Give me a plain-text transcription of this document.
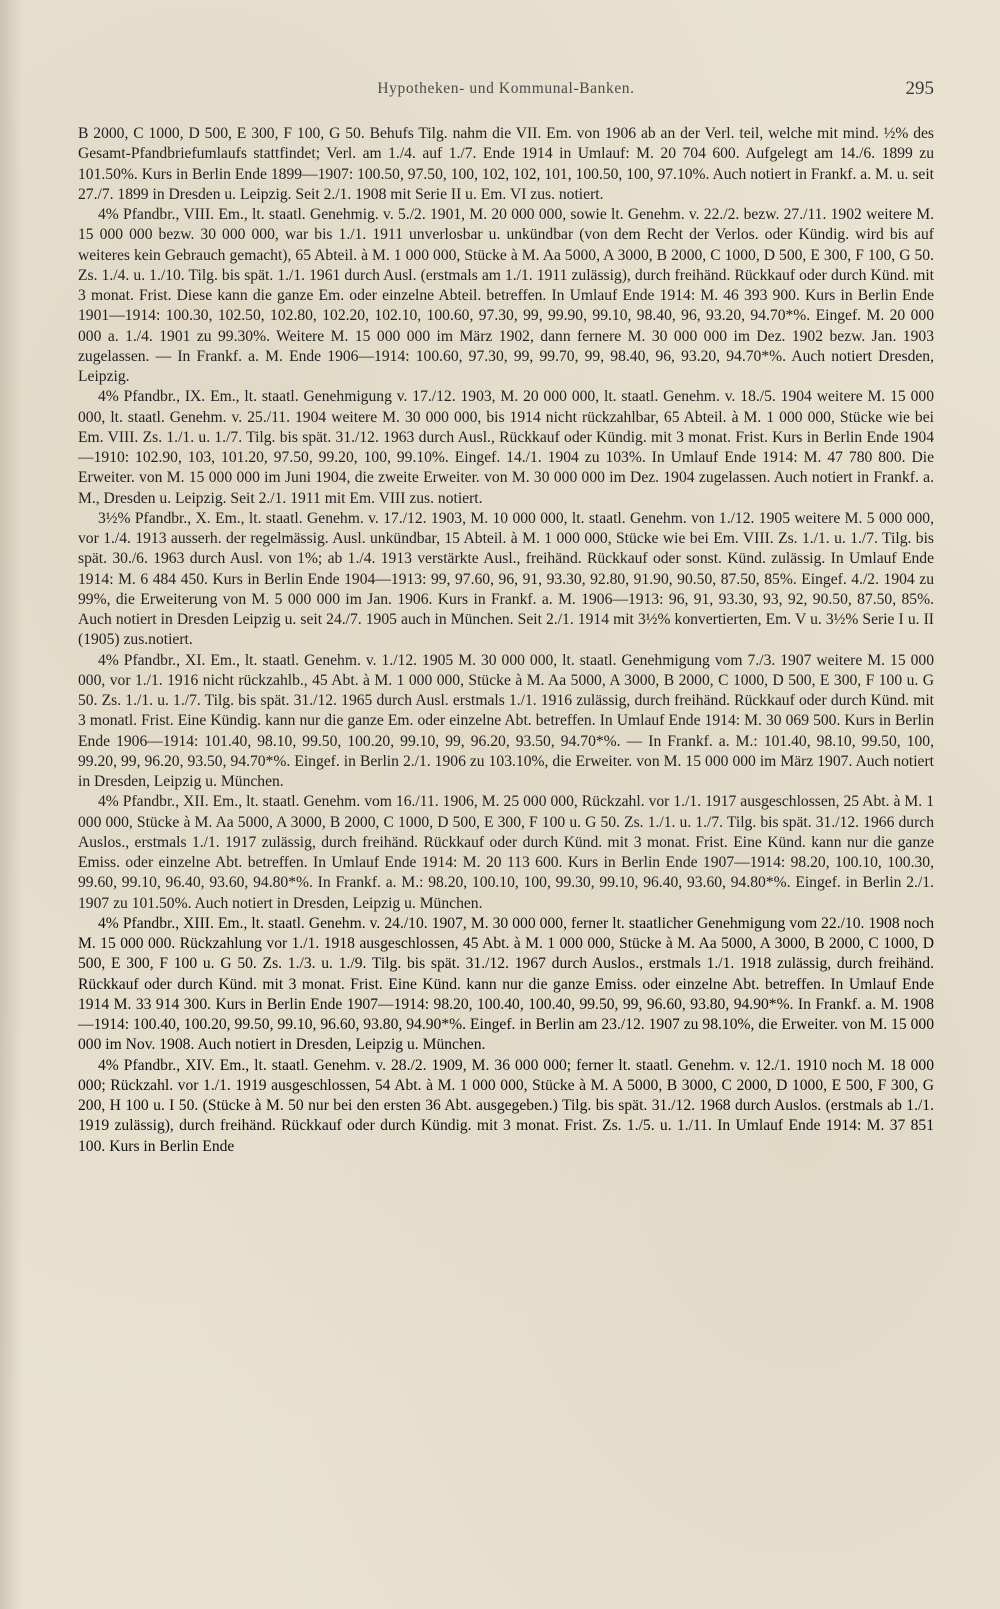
Hypotheken- und Kommunal-Banken.	295

B 2000, C 1000, D 500, E 300, F 100, G 50. Behufs Tilg. nahm die VII. Em. von 1906 ab an der Verl. teil, welche mit mind. ½% des Gesamt-Pfandbriefumlaufs stattfindet; Verl. am 1./4. auf 1./7. Ende 1914 in Umlauf: M. 20 704 600. Aufgelegt am 14./6. 1899 zu 101.50%. Kurs in Berlin Ende 1899—1907: 100.50, 97.50, 100, 102, 102, 101, 100.50, 100, 97.10%. Auch notiert in Frankf. a. M. u. seit 27./7. 1899 in Dresden u. Leipzig. Seit 2./1. 1908 mit Serie II u. Em. VI zus. notiert.

4% Pfandbr., VIII. Em., lt. staatl. Genehmig. v. 5./2. 1901, M. 20 000 000, sowie lt. Genehm. v. 22./2. bezw. 27./11. 1902 weitere M. 15 000 000 bezw. 30 000 000, war bis 1./1. 1911 unverlosbar u. unkündbar (von dem Recht der Verlos. oder Kündig. wird bis auf weiteres kein Gebrauch gemacht), 65 Abteil. à M. 1 000 000, Stücke à M. Aa 5000, A 3000, B 2000, C 1000, D 500, E 300, F 100, G 50. Zs. 1./4. u. 1./10. Tilg. bis spät. 1./1. 1961 durch Ausl. (erstmals am 1./1. 1911 zulässig), durch freihänd. Rückkauf oder durch Künd. mit 3 monat. Frist. Diese kann die ganze Em. oder einzelne Abteil. betreffen. In Umlauf Ende 1914: M. 46 393 900. Kurs in Berlin Ende 1901—1914: 100.30, 102.50, 102.80, 102.20, 102.10, 100.60, 97.30, 99, 99.90, 99.10, 98.40, 96, 93.20, 94.70*%. Eingef. M. 20 000 000 a. 1./4. 1901 zu 99.30%. Weitere M. 15 000 000 im März 1902, dann fernere M. 30 000 000 im Dez. 1902 bezw. Jan. 1903 zugelassen. — In Frankf. a. M. Ende 1906—1914: 100.60, 97.30, 99, 99.70, 99, 98.40, 96, 93.20, 94.70*%. Auch notiert Dresden, Leipzig.

4% Pfandbr., IX. Em., lt. staatl. Genehmigung v. 17./12. 1903, M. 20 000 000, lt. staatl. Genehm. v. 18./5. 1904 weitere M. 15 000 000, lt. staatl. Genehm. v. 25./11. 1904 weitere M. 30 000 000, bis 1914 nicht rückzahlbar, 65 Abteil. à M. 1 000 000, Stücke wie bei Em. VIII. Zs. 1./1. u. 1./7. Tilg. bis spät. 31./12. 1963 durch Ausl., Rückkauf oder Kündig. mit 3 monat. Frist. Kurs in Berlin Ende 1904—1910: 102.90, 103, 101.20, 97.50, 99.20, 100, 99.10%. Eingef. 14./1. 1904 zu 103%. In Umlauf Ende 1914: M. 47 780 800. Die Erweiter. von M. 15 000 000 im Juni 1904, die zweite Erweiter. von M. 30 000 000 im Dez. 1904 zugelassen. Auch notiert in Frankf. a. M., Dresden u. Leipzig. Seit 2./1. 1911 mit Em. VIII zus. notiert.

3½% Pfandbr., X. Em., lt. staatl. Genehm. v. 17./12. 1903, M. 10 000 000, lt. staatl. Genehm. von 1./12. 1905 weitere M. 5 000 000, vor 1./4. 1913 ausserh. der regelmässig. Ausl. unkündbar, 15 Abteil. à M. 1 000 000, Stücke wie bei Em. VIII. Zs. 1./1. u. 1./7. Tilg. bis spät. 30./6. 1963 durch Ausl. von 1%; ab 1./4. 1913 verstärkte Ausl., freihänd. Rückkauf oder sonst. Künd. zulässig. In Umlauf Ende 1914: M. 6 484 450. Kurs in Berlin Ende 1904—1913: 99, 97.60, 96, 91, 93.30, 92.80, 91.90, 90.50, 87.50, 85%. Eingef. 4./2. 1904 zu 99%, die Erweiterung von M. 5 000 000 im Jan. 1906. Kurs in Frankf. a. M. 1906—1913: 96, 91, 93.30, 93, 92, 90.50, 87.50, 85%. Auch notiert in Dresden Leipzig u. seit 24./7. 1905 auch in München. Seit 2./1. 1914 mit 3½% konvertierten, Em. V u. 3½% Serie I u. II (1905) zus.notiert.

4% Pfandbr., XI. Em., lt. staatl. Genehm. v. 1./12. 1905 M. 30 000 000, lt. staatl. Genehmigung vom 7./3. 1907 weitere M. 15 000 000, vor 1./1. 1916 nicht rückzahlb., 45 Abt. à M. 1 000 000, Stücke à M. Aa 5000, A 3000, B 2000, C 1000, D 500, E 300, F 100 u. G 50. Zs. 1./1. u. 1./7. Tilg. bis spät. 31./12. 1965 durch Ausl. erstmals 1./1. 1916 zulässig, durch freihänd. Rückkauf oder durch Künd. mit 3 monatl. Frist. Eine Kündig. kann nur die ganze Em. oder einzelne Abt. betreffen. In Umlauf Ende 1914: M. 30 069 500. Kurs in Berlin Ende 1906—1914: 101.40, 98.10, 99.50, 100.20, 99.10, 99, 96.20, 93.50, 94.70*%. — In Frankf. a. M.: 101.40, 98.10, 99.50, 100, 99.20, 99, 96.20, 93.50, 94.70*%. Eingef. in Berlin 2./1. 1906 zu 103.10%, die Erweiter. von M. 15 000 000 im März 1907. Auch notiert in Dresden, Leipzig u. München.

4% Pfandbr., XII. Em., lt. staatl. Genehm. vom 16./11. 1906, M. 25 000 000, Rückzahl. vor 1./1. 1917 ausgeschlossen, 25 Abt. à M. 1 000 000, Stücke à M. Aa 5000, A 3000, B 2000, C 1000, D 500, E 300, F 100 u. G 50. Zs. 1./1. u. 1./7. Tilg. bis spät. 31./12. 1966 durch Auslos., erstmals 1./1. 1917 zulässig, durch freihänd. Rückkauf oder durch Künd. mit 3 monat. Frist. Eine Künd. kann nur die ganze Emiss. oder einzelne Abt. betreffen. In Umlauf Ende 1914: M. 20 113 600. Kurs in Berlin Ende 1907—1914: 98.20, 100.10, 100.30, 99.60, 99.10, 96.40, 93.60, 94.80*%. In Frankf. a. M.: 98.20, 100.10, 100, 99.30, 99.10, 96.40, 93.60, 94.80*%. Eingef. in Berlin 2./1. 1907 zu 101.50%. Auch notiert in Dresden, Leipzig u. München.

4% Pfandbr., XIII. Em., lt. staatl. Genehm. v. 24./10. 1907, M. 30 000 000, ferner lt. staatlicher Genehmigung vom 22./10. 1908 noch M. 15 000 000. Rückzahlung vor 1./1. 1918 ausgeschlossen, 45 Abt. à M. 1 000 000, Stücke à M. Aa 5000, A 3000, B 2000, C 1000, D 500, E 300, F 100 u. G 50. Zs. 1./3. u. 1./9. Tilg. bis spät. 31./12. 1967 durch Auslos., erstmals 1./1. 1918 zulässig, durch freihänd. Rückkauf oder durch Künd. mit 3 monat. Frist. Eine Künd. kann nur die ganze Emiss. oder einzelne Abt. betreffen. In Umlauf Ende 1914 M. 33 914 300. Kurs in Berlin Ende 1907—1914: 98.20, 100.40, 100.40, 99.50, 99, 96.60, 93.80, 94.90*%. In Frankf. a. M. 1908—1914: 100.40, 100.20, 99.50, 99.10, 96.60, 93.80, 94.90*%. Eingef. in Berlin am 23./12. 1907 zu 98.10%, die Erweiter. von M. 15 000 000 im Nov. 1908. Auch notiert in Dresden, Leipzig u. München.

4% Pfandbr., XIV. Em., lt. staatl. Genehm. v. 28./2. 1909, M. 36 000 000; ferner lt. staatl. Genehm. v. 12./1. 1910 noch M. 18 000 000; Rückzahl. vor 1./1. 1919 ausgeschlossen, 54 Abt. à M. 1 000 000, Stücke à M. A 5000, B 3000, C 2000, D 1000, E 500, F 300, G 200, H 100 u. I 50. (Stücke à M. 50 nur bei den ersten 36 Abt. ausgegeben.) Tilg. bis spät. 31./12. 1968 durch Auslos. (erstmals ab 1./1. 1919 zulässig), durch freihänd. Rückkauf oder durch Kündig. mit 3 monat. Frist. Zs. 1./5. u. 1./11. In Umlauf Ende 1914: M. 37 851 100. Kurs in Berlin Ende
